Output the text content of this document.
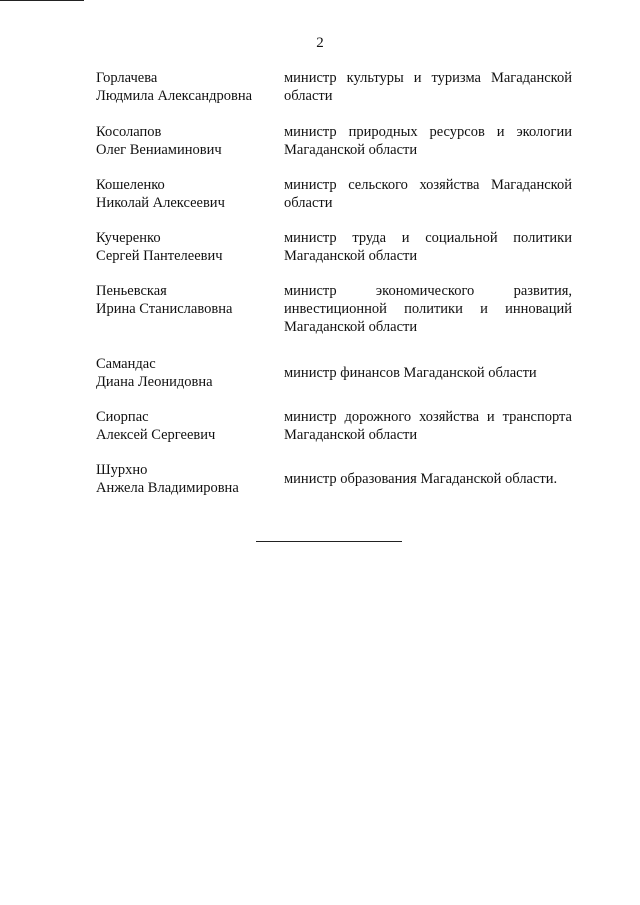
2
Горлачева
Людмила Александровна
министр культуры и туризма Магаданской области
Косолапов
Олег Вениаминович
министр природных ресурсов и экологии Магаданской области
Кошеленко
Николай Алексеевич
министр сельского хозяйства Магаданской области
Кучеренко
Сергей Пантелеевич
министр труда и социальной политики Магаданской области
Пеньевская
Ирина Станиславовна
министр экономического развития, инвестиционной политики и инноваций Магаданской области
Самандас
Диана Леонидовна
министр финансов Магаданской области
Сиорпас
Алексей Сергеевич
министр дорожного хозяйства и транспорта Магаданской области
Шурхно
Анжела Владимировна
министр образования Магаданской области.
